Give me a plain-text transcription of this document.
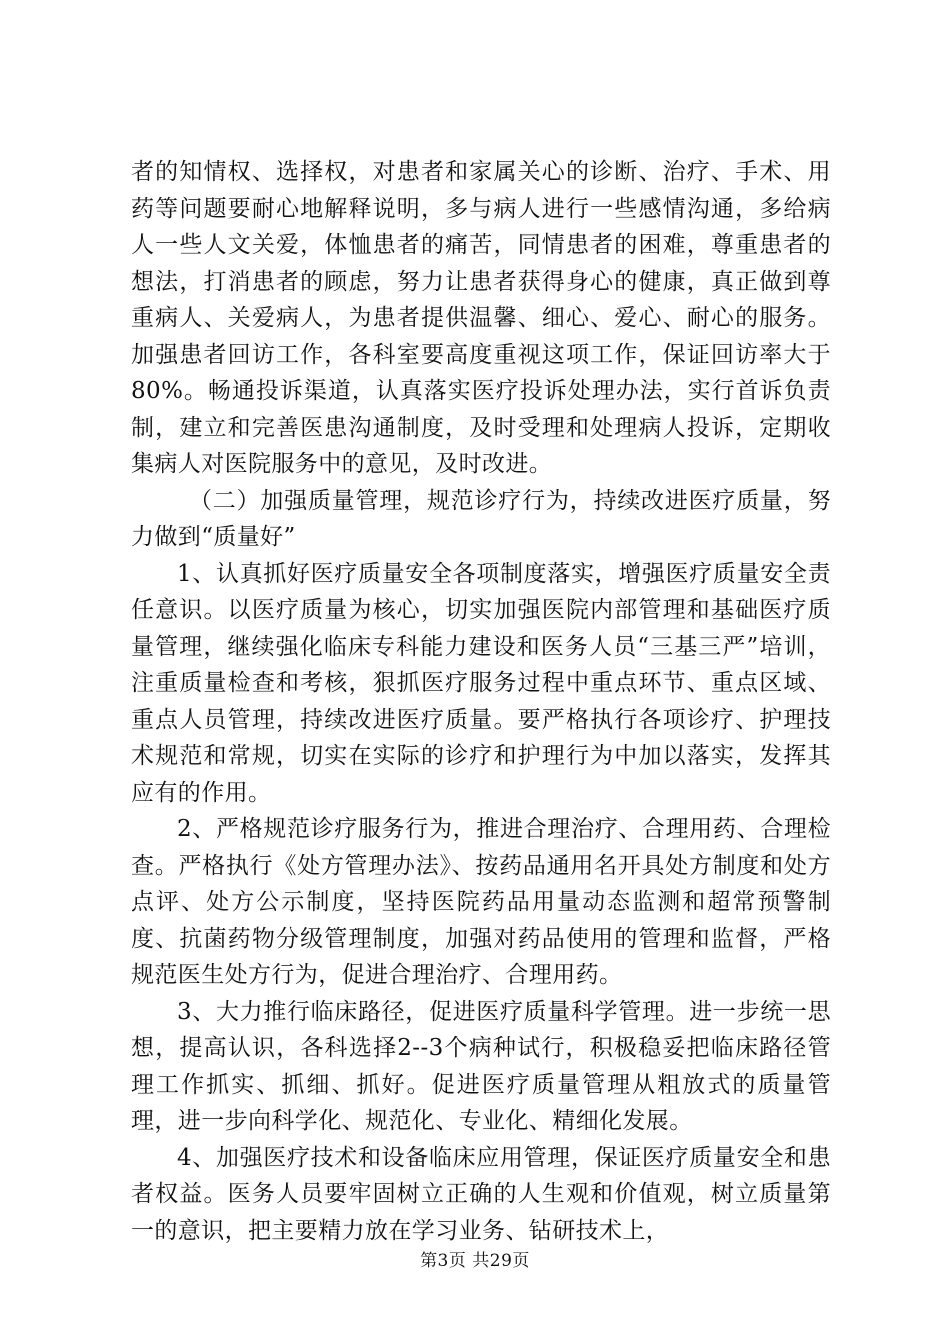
者的知情权、选择权，对患者和家属关心的诊断、治疗、手术、用药等问题要耐心地解释说明，多与病人进行一些感情沟通，多给病人一些人文关爱，体恤患者的痛苦，同情患者的困难，尊重患者的想法，打消患者的顾虑，努力让患者获得身心的健康，真正做到尊重病人、关爱病人，为患者提供温馨、细心、爱心、耐心的服务。加强患者回访工作，各科室要高度重视这项工作，保证回访率大于80%。畅通投诉渠道，认真落实医疗投诉处理办法，实行首诉负责制，建立和完善医患沟通制度，及时受理和处理病人投诉，定期收集病人对医院服务中的意见，及时改进。

（二）加强质量管理，规范诊疗行为，持续改进医疗质量，努力做到“质量好”

1、认真抓好医疗质量安全各项制度落实，增强医疗质量安全责任意识。以医疗质量为核心，切实加强医院内部管理和基础医疗质量管理，继续强化临床专科能力建设和医务人员“三基三严”培训，注重质量检查和考核，狠抓医疗服务过程中重点环节、重点区域、重点人员管理，持续改进医疗质量。要严格执行各项诊疗、护理技术规范和常规，切实在实际的诊疗和护理行为中加以落实，发挥其应有的作用。

2、严格规范诊疗服务行为，推进合理治疗、合理用药、合理检查。严格执行《处方管理办法》、按药品通用名开具处方制度和处方点评、处方公示制度，坚持医院药品用量动态监测和超常预警制度、抗菌药物分级管理制度，加强对药品使用的管理和监督，严格规范医生处方行为，促进合理治疗、合理用药。

3、大力推行临床路径，促进医疗质量科学管理。进一步统一思想，提高认识，各科选择2--3个病种试行，积极稳妥把临床路径管理工作抓实、抓细、抓好。促进医疗质量管理从粗放式的质量管理，进一步向科学化、规范化、专业化、精细化发展。

4、加强医疗技术和设备临床应用管理，保证医疗质量安全和患者权益。医务人员要牢固树立正确的人生观和价值观，树立质量第一的意识，把主要精力放在学习业务、钻研技术上，

第3页 共29页
